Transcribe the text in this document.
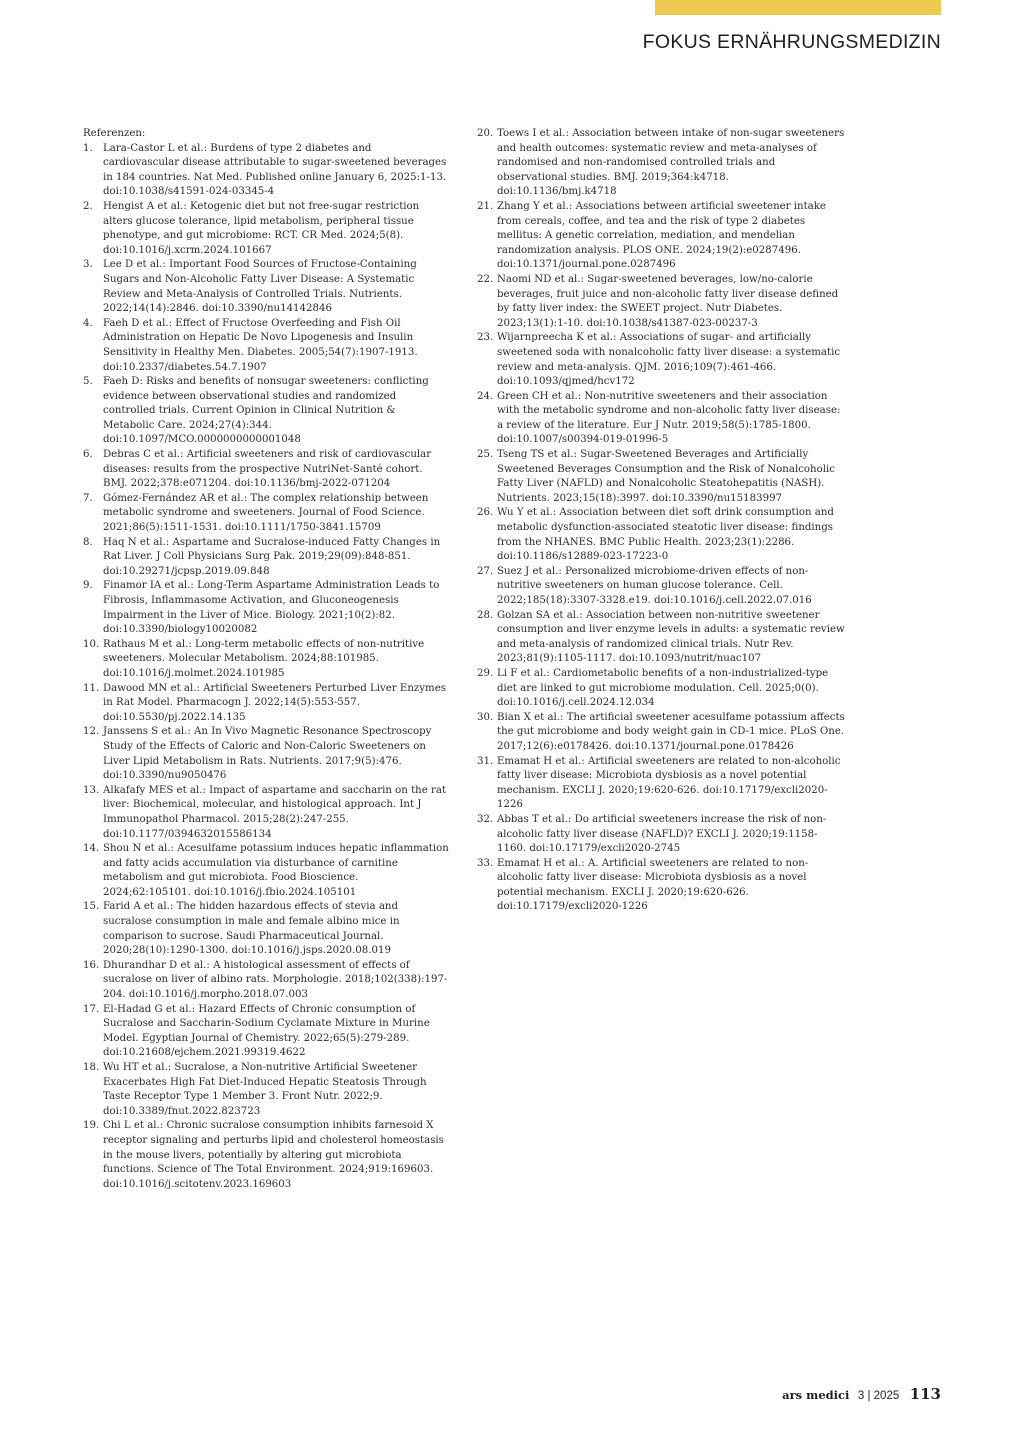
FOKUS ERNÄHRUNGSMEDIZIN
Referenzen:
1.	Lara-Castor L et al.: Burdens of type 2 diabetes and cardiovascular disease attributable to sugar-sweetened beverages in 184 countries. Nat Med. Published online January 6, 2025:1-13. doi:10.1038/s41591-024-03345-4
2.	Hengist A et al.: Ketogenic diet but not free-sugar restriction alters glucose tolerance, lipid metabolism, peripheral tissue phenotype, and gut microbiome: RCT. CR Med. 2024;5(8). doi:10.1016/j.xcrm.2024.101667
3.	Lee D et al.: Important Food Sources of Fructose-Containing Sugars and Non-Alcoholic Fatty Liver Disease: A Systematic Review and Meta-Analysis of Controlled Trials. Nutrients. 2022;14(14):2846. doi:10.3390/nu14142846
4.	Faeh D et al.: Effect of Fructose Overfeeding and Fish Oil Administration on Hepatic De Novo Lipogenesis and Insulin Sensitivity in Healthy Men. Diabetes. 2005;54(7):1907-1913. doi:10.2337/diabetes.54.7.1907
5.	Faeh D: Risks and benefits of nonsugar sweeteners: conflicting evidence between observational studies and randomized controlled trials. Current Opinion in Clinical Nutrition & Metabolic Care. 2024;27(4):344. doi:10.1097/MCO.0000000000001048
6.	Debras C et al.: Artificial sweeteners and risk of cardiovascular diseases: results from the prospective NutriNet-Santé cohort. BMJ. 2022;378:e071204. doi:10.1136/bmj-2022-071204
7.	Gómez-Fernández AR et al.: The complex relationship between metabolic syndrome and sweeteners. Journal of Food Science. 2021;86(5):1511-1531. doi:10.1111/1750-3841.15709
8.	Haq N et al.: Aspartame and Sucralose-induced Fatty Changes in Rat Liver. J Coll Physicians Surg Pak. 2019;29(09):848-851. doi:10.29271/jcpsp.2019.09.848
9.	Finamor IA et al.: Long-Term Aspartame Administration Leads to Fibrosis, Inflammasome Activation, and Gluconeogenesis Impairment in the Liver of Mice. Biology. 2021;10(2):82. doi:10.3390/biology10020082
10. Rathaus M et al.: Long-term metabolic effects of non-nutritive sweeteners. Molecular Metabolism. 2024;88:101985. doi:10.1016/j.molmet.2024.101985
11. Dawood MN et al.: Artificial Sweeteners Perturbed Liver Enzymes in Rat Model. Pharmacogn J. 2022;14(5):553-557. doi:10.5530/pj.2022.14.135
12. Janssens S et al.: An In Vivo Magnetic Resonance Spectroscopy Study of the Effects of Caloric and Non-Caloric Sweeteners on Liver Lipid Metabolism in Rats. Nutrients. 2017;9(5):476. doi:10.3390/nu9050476
13. Alkafafy MES et al.: Impact of aspartame and saccharin on the rat liver: Biochemical, molecular, and histological approach. Int J Immunopathol Pharmacol. 2015;28(2):247-255. doi:10.1177/0394632015586134
14. Shou N et al.: Acesulfame potassium induces hepatic inflammation and fatty acids accumulation via disturbance of carnitine metabolism and gut microbiota. Food Bioscience. 2024;62:105101. doi:10.1016/j.fbio.2024.105101
15. Farid A et al.: The hidden hazardous effects of stevia and sucralose consumption in male and female albino mice in comparison to sucrose. Saudi Pharmaceutical Journal. 2020;28(10):1290-1300. doi:10.1016/j.jsps.2020.08.019
16. Dhurandhar D et al.: A histological assessment of effects of sucralose on liver of albino rats. Morphologie. 2018;102(338):197-204. doi:10.1016/j.morpho.2018.07.003
17. El-Hadad G et al.: Hazard Effects of Chronic consumption of Sucralose and Saccharin-Sodium Cyclamate Mixture in Murine Model. Egyptian Journal of Chemistry. 2022;65(5):279-289. doi:10.21608/ejchem.2021.99319.4622
18. Wu HT et al.: Sucralose, a Non-nutritive Artificial Sweetener Exacerbates High Fat Diet-Induced Hepatic Steatosis Through Taste Receptor Type 1 Member 3. Front Nutr. 2022;9. doi:10.3389/fnut.2022.823723
19. Chi L et al.: Chronic sucralose consumption inhibits farnesoid X receptor signaling and perturbs lipid and cholesterol homeostasis in the mouse livers, potentially by altering gut microbiota functions. Science of The Total Environment. 2024;919:169603. doi:10.1016/j.scitotenv.2023.169603
20. Toews I et al.: Association between intake of non-sugar sweeteners and health outcomes: systematic review and meta-analyses of randomised and non-randomised controlled trials and observational studies. BMJ. 2019;364:k4718. doi:10.1136/bmj.k4718
21. Zhang Y et al.: Associations between artificial sweetener intake from cereals, coffee, and tea and the risk of type 2 diabetes mellitus: A genetic correlation, mediation, and mendelian randomization analysis. PLOS ONE. 2024;19(2):e0287496. doi:10.1371/journal.pone.0287496
22. Naomi ND et al.: Sugar-sweetened beverages, low/no-calorie beverages, fruit juice and non-alcoholic fatty liver disease defined by fatty liver index: the SWEET project. Nutr Diabetes. 2023;13(1):1-10. doi:10.1038/s41387-023-00237-3
23. Wijarnpreecha K et al.: Associations of sugar- and artificially sweetened soda with nonalcoholic fatty liver disease: a systematic review and meta-analysis. QJM. 2016;109(7):461-466. doi:10.1093/qjmed/hcv172
24. Green CH et al.: Non-nutritive sweeteners and their association with the metabolic syndrome and non-alcoholic fatty liver disease: a review of the literature. Eur J Nutr. 2019;58(5):1785-1800. doi:10.1007/s00394-019-01996-5
25. Tseng TS et al.: Sugar-Sweetened Beverages and Artificially Sweetened Beverages Consumption and the Risk of Nonalcoholic Fatty Liver (NAFLD) and Nonalcoholic Steatohepatitis (NASH). Nutrients. 2023;15(18):3997. doi:10.3390/nu15183997
26. Wu Y et al.: Association between diet soft drink consumption and metabolic dysfunction-associated steatotic liver disease: findings from the NHANES. BMC Public Health. 2023;23(1):2286. doi:10.1186/s12889-023-17223-0
27. Suez J et al.: Personalized microbiome-driven effects of non-nutritive sweeteners on human glucose tolerance. Cell. 2022;185(18):3307-3328.e19. doi:10.1016/j.cell.2022.07.016
28. Golzan SA et al.: Association between non-nutritive sweetener consumption and liver enzyme levels in adults: a systematic review and meta-analysis of randomized clinical trials. Nutr Rev. 2023;81(9):1105-1117. doi:10.1093/nutrit/nuac107
29. Li F et al.: Cardiometabolic benefits of a non-industrialized-type diet are linked to gut microbiome modulation. Cell. 2025;0(0). doi:10.1016/j.cell.2024.12.034
30. Bian X et al.: The artificial sweetener acesulfame potassium affects the gut microbiome and body weight gain in CD-1 mice. PLoS One. 2017;12(6):e0178426. doi:10.1371/journal.pone.0178426
31. Emamat H et al.: Artificial sweeteners are related to non-alcoholic fatty liver disease: Microbiota dysbiosis as a novel potential mechanism. EXCLI J. 2020;19:620-626. doi:10.17179/excli2020-1226
32. Abbas T et al.: Do artificial sweeteners increase the risk of non-alcoholic fatty liver disease (NAFLD)? EXCLI J. 2020;19:1158-1160. doi:10.17179/excli2020-2745
33. Emamat H et al.: A. Artificial sweeteners are related to non-alcoholic fatty liver disease: Microbiota dysbiosis as a novel potential mechanism. EXCLI J. 2020;19:620-626. doi:10.17179/excli2020-1226
ars medici 3 | 2025 113
